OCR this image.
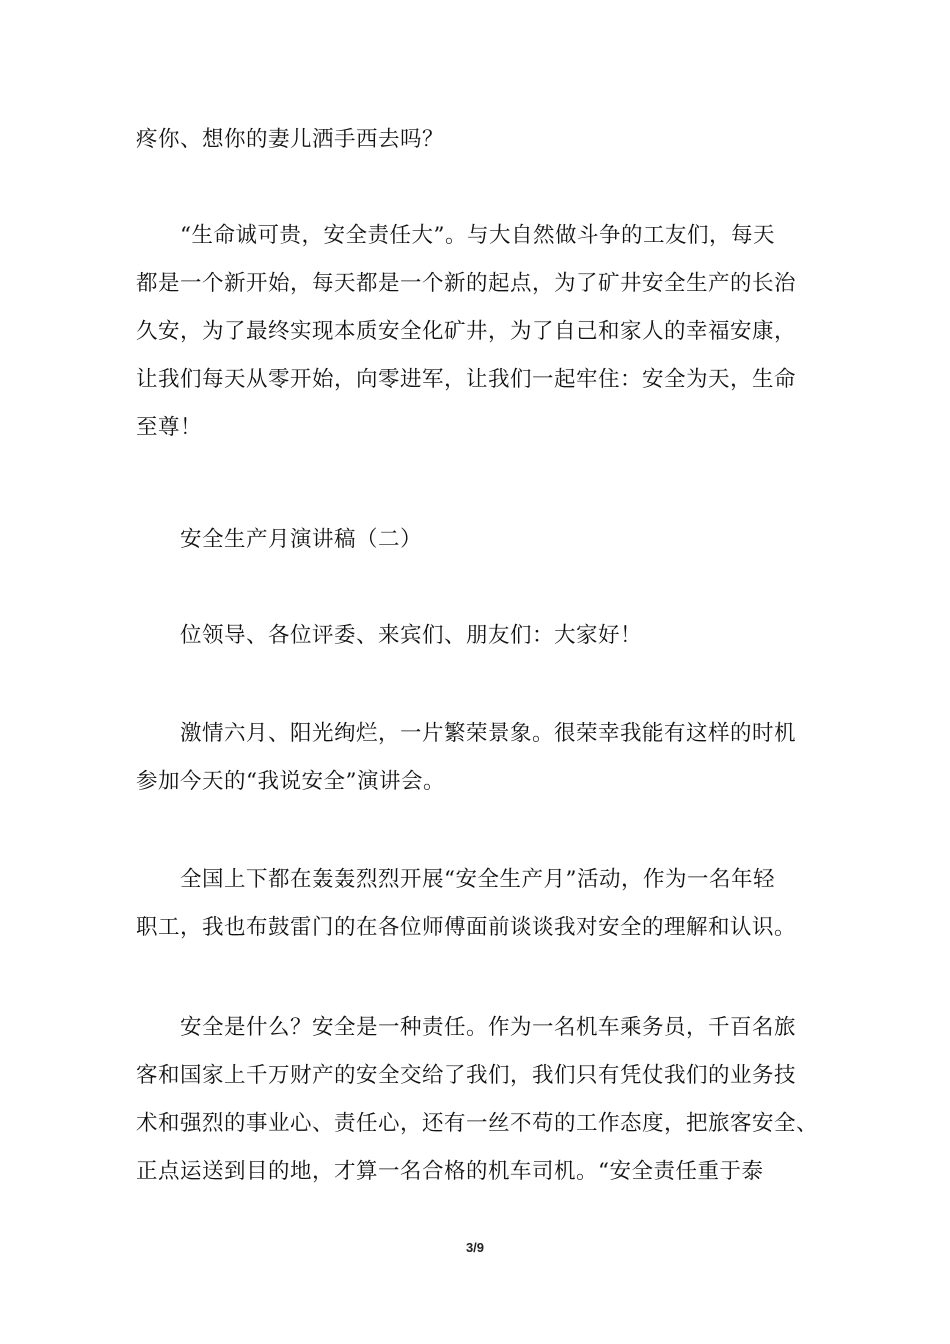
疼你、想你的妻儿洒手西去吗？

“生命诚可贵，安全责任大”。与大自然做斗争的工友们，每天
都是一个新开始，每天都是一个新的起点，为了矿井安全生产的长治
久安，为了最终实现本质安全化矿井，为了自己和家人的幸福安康，
让我们每天从零开始，向零进军，让我们一起牢住：安全为天，生命
至尊！

安全生产月演讲稿（二）

位领导、各位评委、来宾们、朋友们：大家好！

激情六月、阳光绚烂，一片繁荣景象。很荣幸我能有这样的时机
参加今天的“我说安全”演讲会。

全国上下都在轰轰烈烈开展“安全生产月”活动，作为一名年轻
职工，我也布鼓雷门的在各位师傅面前谈谈我对安全的理解和认识。

安全是什么？安全是一种责任。作为一名机车乘务员，千百名旅
客和国家上千万财产的安全交给了我们，我们只有凭仗我们的业务技
术和强烈的事业心、责任心，还有一丝不苟的工作态度，把旅客安全、
正点运送到目的地，才算一名合格的机车司机。“安全责任重于泰

3/9
